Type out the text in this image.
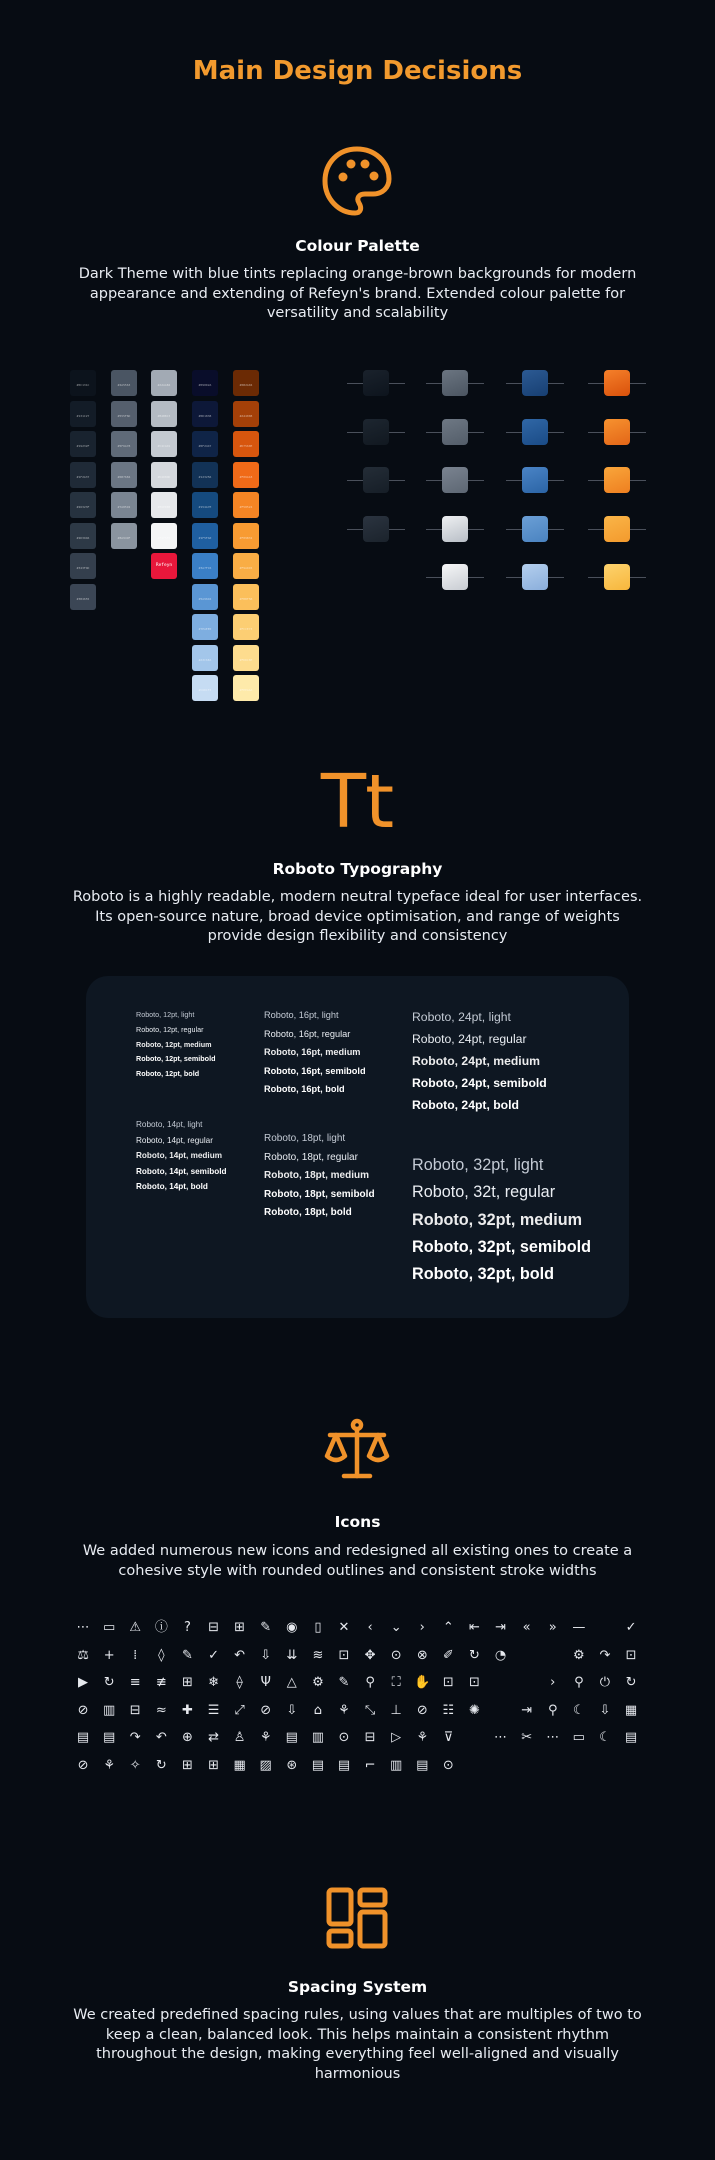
Main Design Decisions
Colour Palette
Dark Theme with blue tints replacing orange-brown backgrounds for modern appearance and extending of Refeyn's brand. Extended colour palette for versatility and scalability
#0C131C
#131C27
#19232F
#1F2A37
#26323F
#2D3946
#343F4D
#3B4655
#4A5563
#555F6D
#5F6A78
#6B7684
#7A8592
#8A949F
#A2AAB4
#B4BBC3
#C4CAD1
#D4D8DD
#E6E8EB
#F4F5F6
Refeyn
#090D2A
#0D1838
#0F2447
#123256
#154A7E
#1F5FA0
#3A7FC6
#5A96D4
#7EAEE0
#A3C6EA
#C6DCF3
#6B2A04
#A44008
#D7560E
#F06A18
#F58524
#F89B32
#F9AD45
#FBBF5B
#FCCE73
#FDDC8E
#FEEAAA
Tt
Roboto Typography
Roboto is a highly readable, modern neutral typeface ideal for user interfaces. Its open-source nature, broad device optimisation, and range of weights provide design flexibility and consistency
Roboto, 12pt, light
Roboto, 12pt, regular
Roboto, 12pt, medium
Roboto, 12pt, semibold
Roboto, 12pt, bold
Roboto, 14pt, light
Roboto, 14pt, regular
Roboto, 14pt, medium
Roboto, 14pt, semibold
Roboto, 14pt, bold
Roboto, 16pt, light
Roboto, 16pt, regular
Roboto, 16pt, medium
Roboto, 16pt, semibold
Roboto, 16pt, bold
Roboto, 18pt, light
Roboto, 18pt, regular
Roboto, 18pt, medium
Roboto, 18pt, semibold
Roboto, 18pt, bold
Roboto, 24pt, light
Roboto, 24pt, regular
Roboto, 24pt, medium
Roboto, 24pt, semibold
Roboto, 24pt, bold
Roboto, 32pt, light
Roboto, 32t, regular
Roboto, 32pt, medium
Roboto, 32pt, semibold
Roboto, 32pt, bold
Icons
We added numerous new icons and redesigned all existing ones to create a cohesive style with rounded outlines and consistent stroke widths
⋯ ▭ ⚠ ⓘ ? ⊟ ⊞ ✎ ◉ ▯ ✕ ‹ ⌄ › ⌃ ⇤ ⇥ « » —	✓
⚖ + ⁞ ◊ ✎ ✓ ↶ ⇩ ⇊ ≋ ⊡ ✥ ⊙ ⊗ ✐ ↻ ◔	⚙ ↷ ⊡
▶ ↻ ≡ ≢ ⊞ ❄ ⟠ Ψ △ ⚙ ✎ ⚲ ⛶ ✋ ⊡ ⊡	› ⚲ ⏻ ↻
⊘ ▥ ⊟ ≈ ✚ ☰ ⤢ ⊘ ⇩ ⌂ ⚘ ⤡ ⊥ ⊘ ☷ ✺	⇥ ⚲ ☾ ⇩ ▦
▤ ▤ ↷ ↶ ⊕ ⇄ ♙ ⚘ ▤ ▥ ⊙ ⊟ ▷ ⚘ ⊽	⋯ ✂ ⋯ ▭ ☾ ▤
⊘ ⚘ ✧ ↻ ⊞ ⊞ ▦ ▨ ⊛ ▤ ▤ ⌐ ▥ ▤ ⊙
Spacing System
We created predefined spacing rules, using values that are multiples of two to keep a clean, balanced look. This helps maintain a consistent rhythm throughout the design, making everything feel well-aligned and visually harmonious
